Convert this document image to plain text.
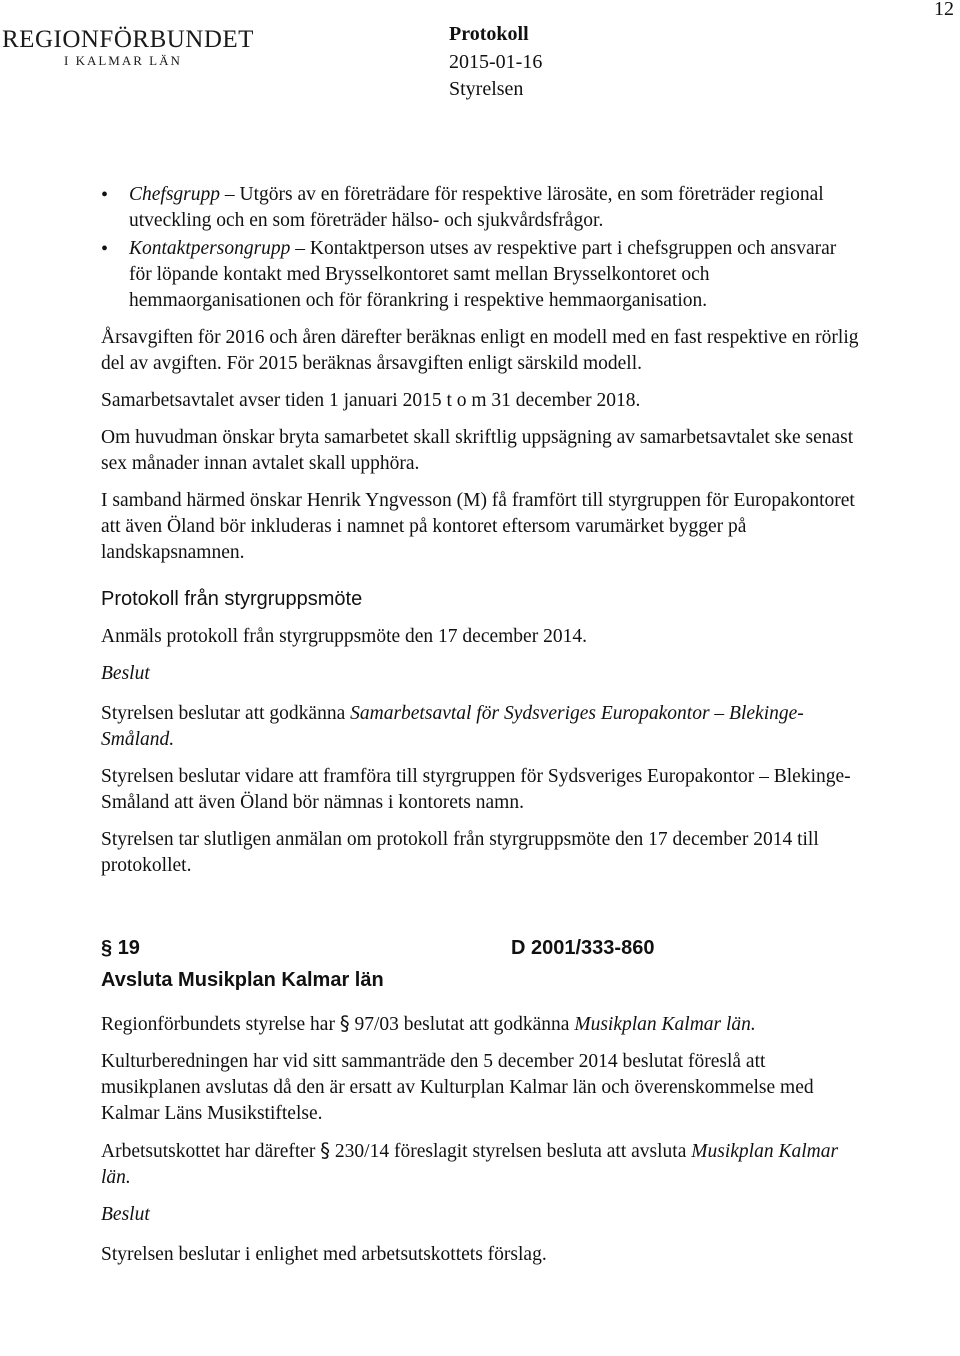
REGIONFÖRBUNDET
I KALMAR LÄN
Protokoll
2015-01-16
Styrelsen
12
• Chefsgrupp – Utgörs av en företrädare för respektive lärosäte, en som företräder regional utveckling och en som företräder hälso- och sjukvårdsfrågor.
• Kontaktpersongrupp – Kontaktperson utses av respektive part i chefsgruppen och ansvarar för löpande kontakt med Brysselkontoret samt mellan Brysselkontoret och hemmaorganisationen och för förankring i respektive hemmaorganisation.

Årsavgiften för 2016 och åren därefter beräknas enligt en modell med en fast respektive en rörlig del av avgiften. För 2015 beräknas årsavgiften enligt särskild modell.

Samarbetsavtalet avser tiden 1 januari 2015 t o m 31 december 2018.

Om huvudman önskar bryta samarbetet skall skriftlig uppsägning av samarbetsavtalet ske senast sex månader innan avtalet skall upphöra.

I samband härmed önskar Henrik Yngvesson (M) få framfört till styrgruppen för Europakontoret att även Öland bör inkluderas i namnet på kontoret eftersom varumärket bygger på landskapsnamnen.

Protokoll från styrgruppsmöte

Anmäls protokoll från styrgruppsmöte den 17 december 2014.

Beslut

Styrelsen beslutar att godkänna Samarbetsavtal för Sydsveriges Europakontor – Blekinge-Småland.

Styrelsen beslutar vidare att framföra till styrgruppen för Sydsveriges Europakontor – Blekinge-Småland att även Öland bör nämnas i kontorets namn.

Styrelsen tar slutligen anmälan om protokoll från styrgruppsmöte den 17 december 2014 till protokollet.

§ 19	D 2001/333-860
Avsluta Musikplan Kalmar län

Regionförbundets styrelse har § 97/03 beslutat att godkänna Musikplan Kalmar län.

Kulturberedningen har vid sitt sammanträde den 5 december 2014 beslutat föreslå att musikplanen avslutas då den är ersatt av Kulturplan Kalmar län och överenskommelse med Kalmar Läns Musikstiftelse.

Arbetsutskottet har därefter § 230/14 föreslagit styrelsen besluta att avsluta Musikplan Kalmar län.

Beslut

Styrelsen beslutar i enlighet med arbetsutskottets förslag.
